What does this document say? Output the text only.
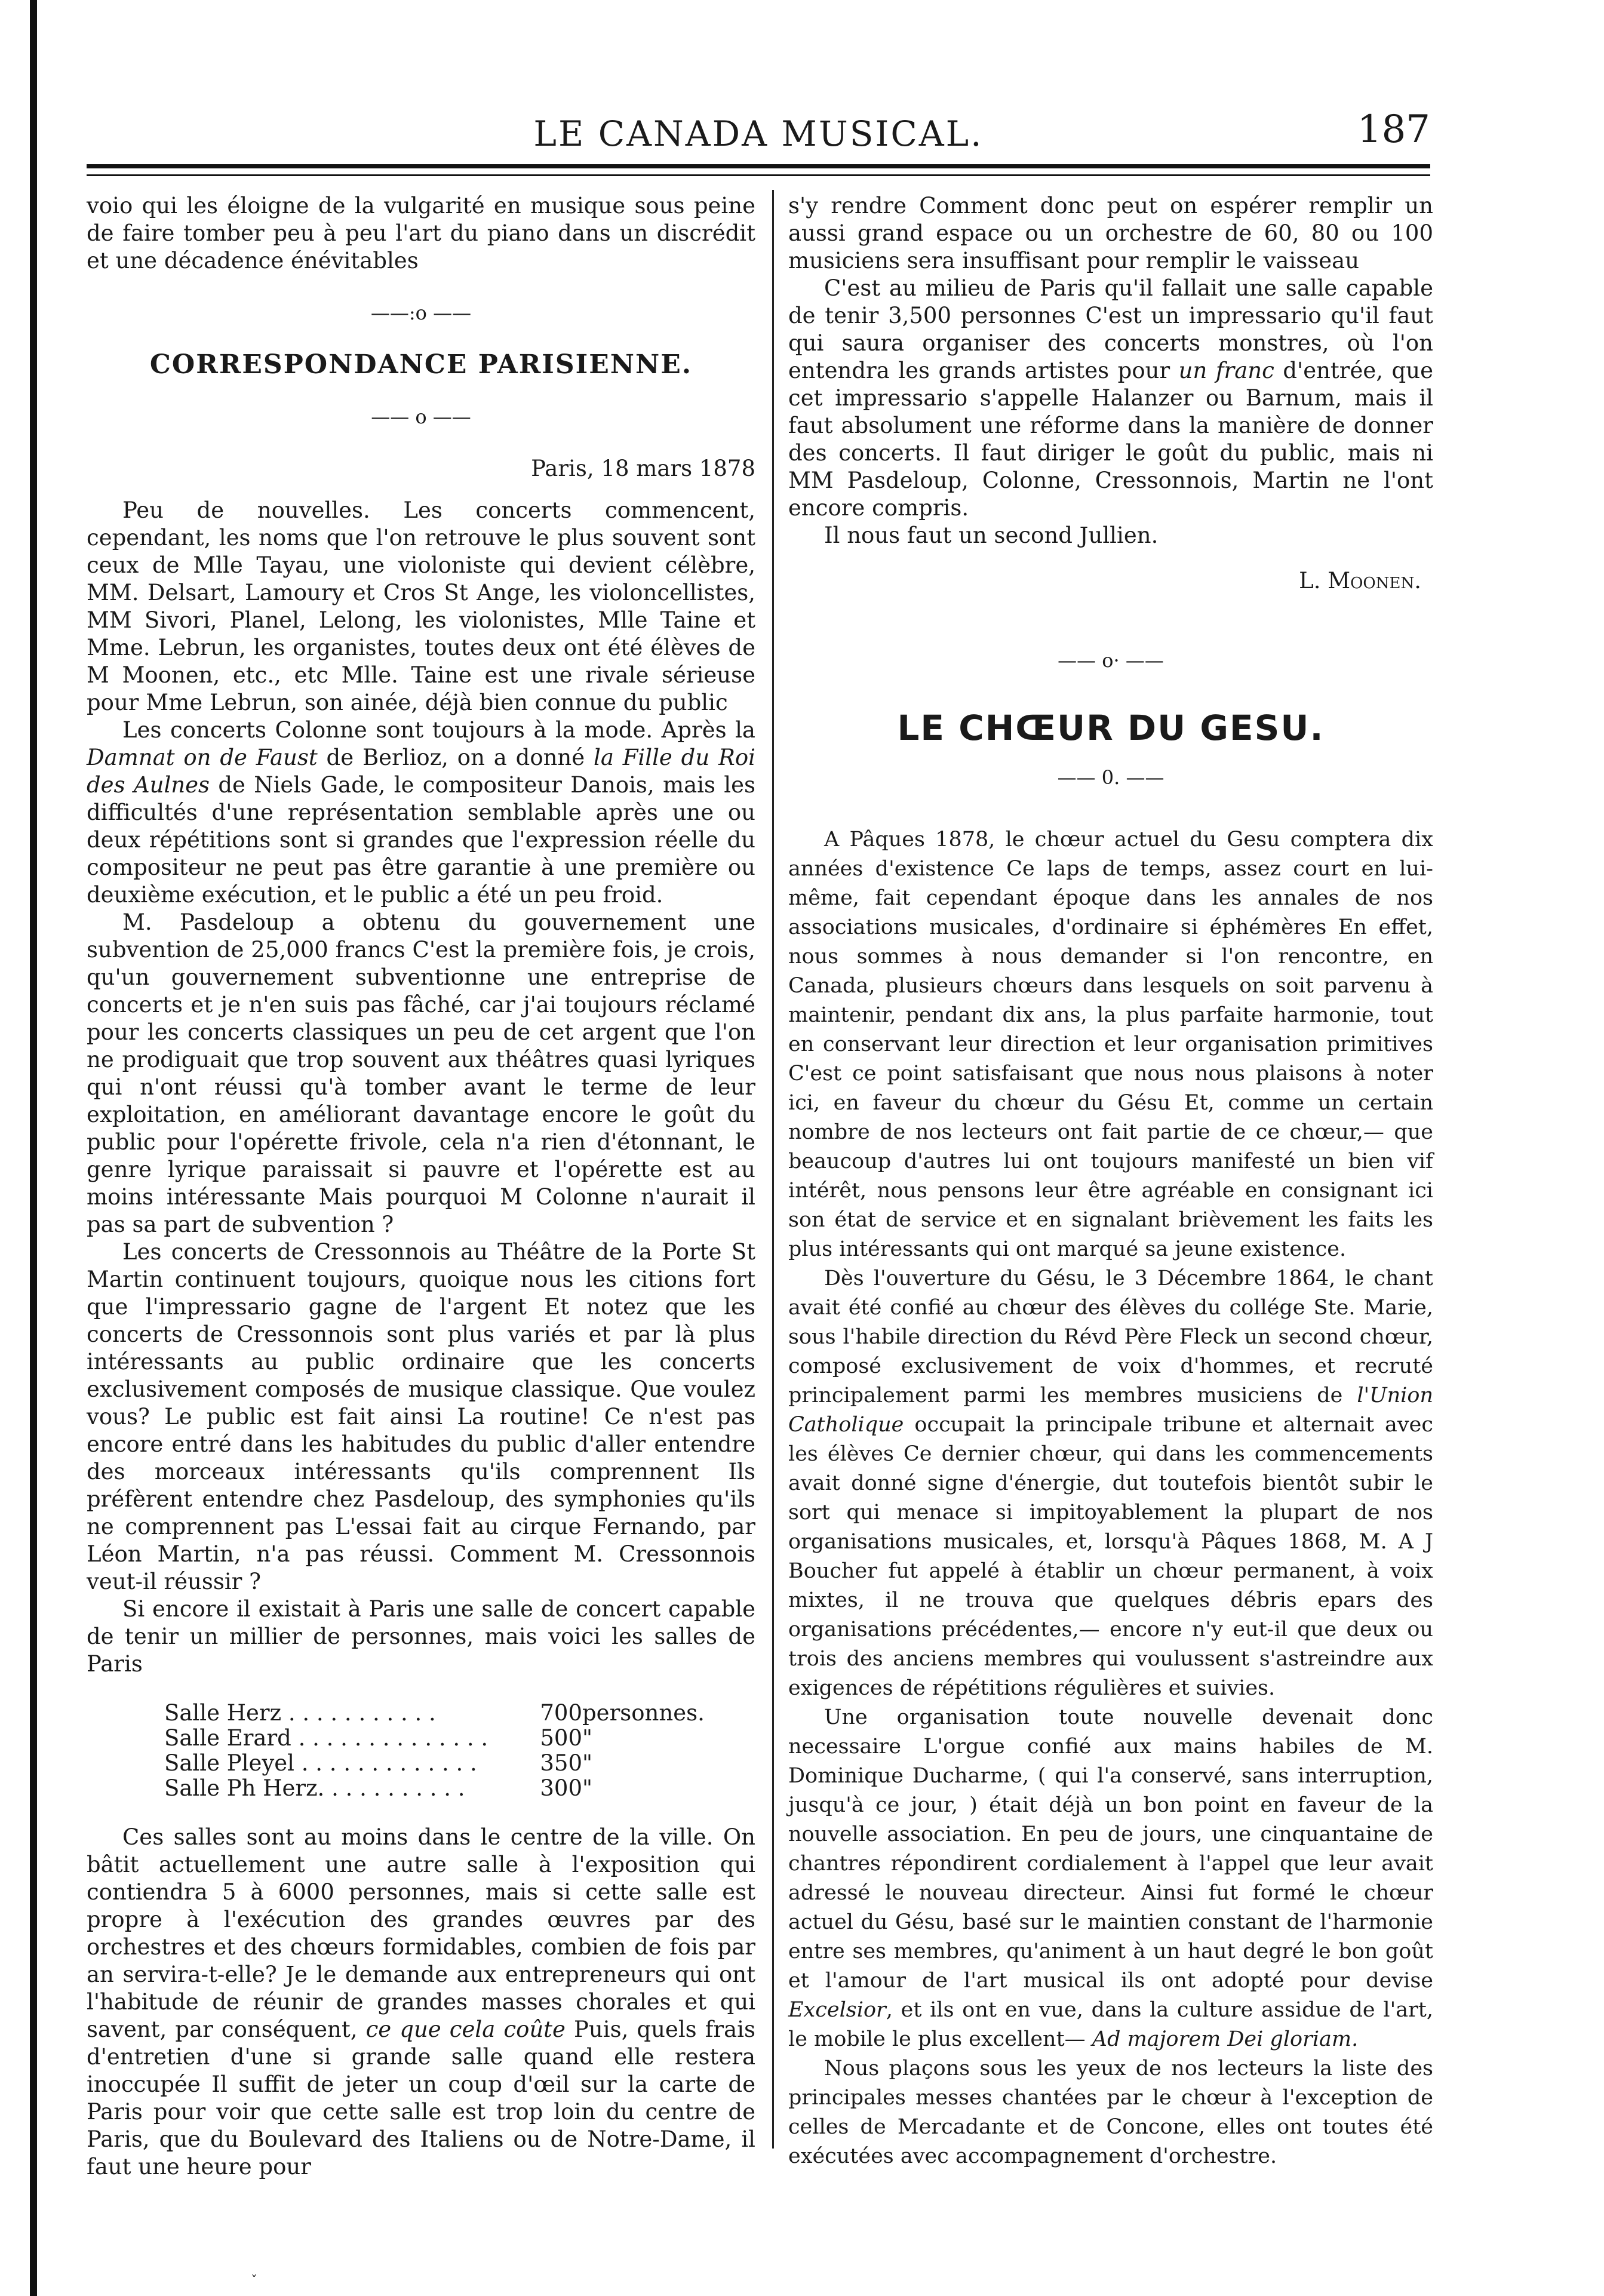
LE CANADA MUSICAL.	187

voio qui les éloigne de la vulgarité en musique sous peine de faire tomber peu à peu l'art du piano dans un discrédit et une décadence énévitables

——:o ——
CORRESPONDANCE PARISIENNE.
—— o ——

Paris, 18 mars 1878

Peu de nouvelles. Les concerts commencent, cependant, les noms que l'on retrouve le plus souvent sont ceux de Mlle Tayau, une violoniste qui devient célèbre, MM. Delsart, Lamoury et Cros St Ange, les violoncellistes, MM Sivori, Planel, Lelong, les violonistes, Mlle Taine et Mme. Lebrun, les organistes, toutes deux ont été élèves de M Moonen, etc., etc Mlle. Taine est une rivale sérieuse pour Mme Lebrun, son ainée, déjà bien connue du public

Les concerts Colonne sont toujours à la mode. Après la Damnat on de Faust de Berlioz, on a donné la Fille du Roi des Aulnes de Niels Gade, le compositeur Danois, mais les difficultés d'une représentation semblable après une ou deux répétitions sont si grandes que l'expression réelle du compositeur ne peut pas être garantie à une première ou deuxième exécution, et le public a été un peu froid.

M. Pasdeloup a obtenu du gouvernement une subvention de 25,000 francs C'est la première fois, je crois, qu'un gouvernement subventionne une entreprise de concerts et je n'en suis pas fâché, car j'ai toujours réclamé pour les concerts classiques un peu de cet argent que l'on ne prodiguait que trop souvent aux théâtres quasi lyriques qui n'ont réussi qu'à tomber avant le terme de leur exploitation, en améliorant davantage encore le goût du public pour l'opérette frivole, cela n'a rien d'étonnant, le genre lyrique paraissait si pauvre et l'opérette est au moins intéressante Mais pourquoi M Colonne n'aurait il pas sa part de subvention ?

Les concerts de Cressonnois au Théâtre de la Porte St Martin continuent toujours, quoique nous les citions fort que l'impressario gagne de l'argent Et notez que les concerts de Cressonnois sont plus variés et par là plus intéressants au public ordinaire que les concerts exclusivement composés de musique classique. Que voulez vous? Le public est fait ainsi La routine! Ce n'est pas encore entré dans les habitudes du public d'aller entendre des morceaux intéressants qu'ils comprennent Ils préfèrent entendre chez Pasdeloup, des symphonies qu'ils ne comprennent pas L'essai fait au cirque Fernando, par Léon Martin, n'a pas réussi. Comment M. Cressonnois veut-il réussir ?

Si encore il existait à Paris une salle de concert capable de tenir un millier de personnes, mais voici les salles de Paris

Salle Herz . . . . . . . . . . .	700	personnes.
Salle Erard . . . . . . . . . . . . . .	500	"
Salle Pleyel . . . . . . . . . . . . .	350	"
Salle Ph Herz. . . . . . . . . . .	300	"

Ces salles sont au moins dans le centre de la ville. On bâtit actuellement une autre salle à l'exposition qui contiendra 5 à 6000 personnes, mais si cette salle est propre à l'exécution des grandes œuvres par des orchestres et des chœurs formidables, combien de fois par an servira-t-elle? Je le demande aux entrepreneurs qui ont l'habitude de réunir de grandes masses chorales et qui savent, par conséquent, ce que cela coûte Puis, quels frais d'entretien d'une si grande salle quand elle restera inoccupée Il suffit de jeter un coup d'œil sur la carte de Paris pour voir que cette salle est trop loin du centre de Paris, que du Boulevard des Italiens ou de Notre-Dame, il faut une heure pour

s'y rendre Comment donc peut on espérer remplir un aussi grand espace ou un orchestre de 60, 80 ou 100 musiciens sera insuffisant pour remplir le vaisseau

C'est au milieu de Paris qu'il fallait une salle capable de tenir 3,500 personnes C'est un impressario qu'il faut qui saura organiser des concerts monstres, où l'on entendra les grands artistes pour un franc d'entrée, que cet impressario s'appelle Halanzer ou Barnum, mais il faut absolument une réforme dans la manière de donner des concerts. Il faut diriger le goût du public, mais ni MM Pasdeloup, Colonne, Cressonnois, Martin ne l'ont encore compris.

Il nous faut un second Jullien.

L. Moonen.

—— o· ——
LE CHŒUR DU GESU.
—— 0. ——

A Pâques 1878, le chœur actuel du Gesu comptera dix années d'existence Ce laps de temps, assez court en lui-même, fait cependant époque dans les annales de nos associations musicales, d'ordinaire si éphémères En effet, nous sommes à nous demander si l'on rencontre, en Canada, plusieurs chœurs dans lesquels on soit parvenu à maintenir, pendant dix ans, la plus parfaite harmonie, tout en conservant leur direction et leur organisation primitives C'est ce point satisfaisant que nous nous plaisons à noter ici, en faveur du chœur du Gésu Et, comme un certain nombre de nos lecteurs ont fait partie de ce chœur,— que beaucoup d'autres lui ont toujours manifesté un bien vif intérêt, nous pensons leur être agréable en consignant ici son état de service et en signalant brièvement les faits les plus intéressants qui ont marqué sa jeune existence.

Dès l'ouverture du Gésu, le 3 Décembre 1864, le chant avait été confié au chœur des élèves du collége Ste. Marie, sous l'habile direction du Révd Père Fleck un second chœur, composé exclusivement de voix d'hommes, et recruté principalement parmi les membres musiciens de l'Union Catholique occupait la principale tribune et alternait avec les élèves Ce dernier chœur, qui dans les commencements avait donné signe d'énergie, dut toutefois bientôt subir le sort qui menace si impitoyablement la plupart de nos organisations musicales, et, lorsqu'à Pâques 1868, M. A J Boucher fut appelé à établir un chœur permanent, à voix mixtes, il ne trouva que quelques débris epars des organisations précédentes,— encore n'y eut-il que deux ou trois des anciens membres qui voulussent s'astreindre aux exigences de répétitions régulières et suivies.

Une organisation toute nouvelle devenait donc necessaire L'orgue confié aux mains habiles de M. Dominique Ducharme, ( qui l'a conservé, sans interruption, jusqu'à ce jour, ) était déjà un bon point en faveur de la nouvelle association. En peu de jours, une cinquantaine de chantres répondirent cordialement à l'appel que leur avait adressé le nouveau directeur. Ainsi fut formé le chœur actuel du Gésu, basé sur le maintien constant de l'harmonie entre ses membres, qu'animent à un haut degré le bon goût et l'amour de l'art musical ils ont adopté pour devise Excelsior, et ils ont en vue, dans la culture assidue de l'art, le mobile le plus excellent— Ad majorem Dei gloriam.

Nous plaçons sous les yeux de nos lecteurs la liste des principales messes chantées par le chœur à l'exception de celles de Mercadante et de Concone, elles ont toutes été exécutées avec accompagnement d'orchestre.

ˇ
